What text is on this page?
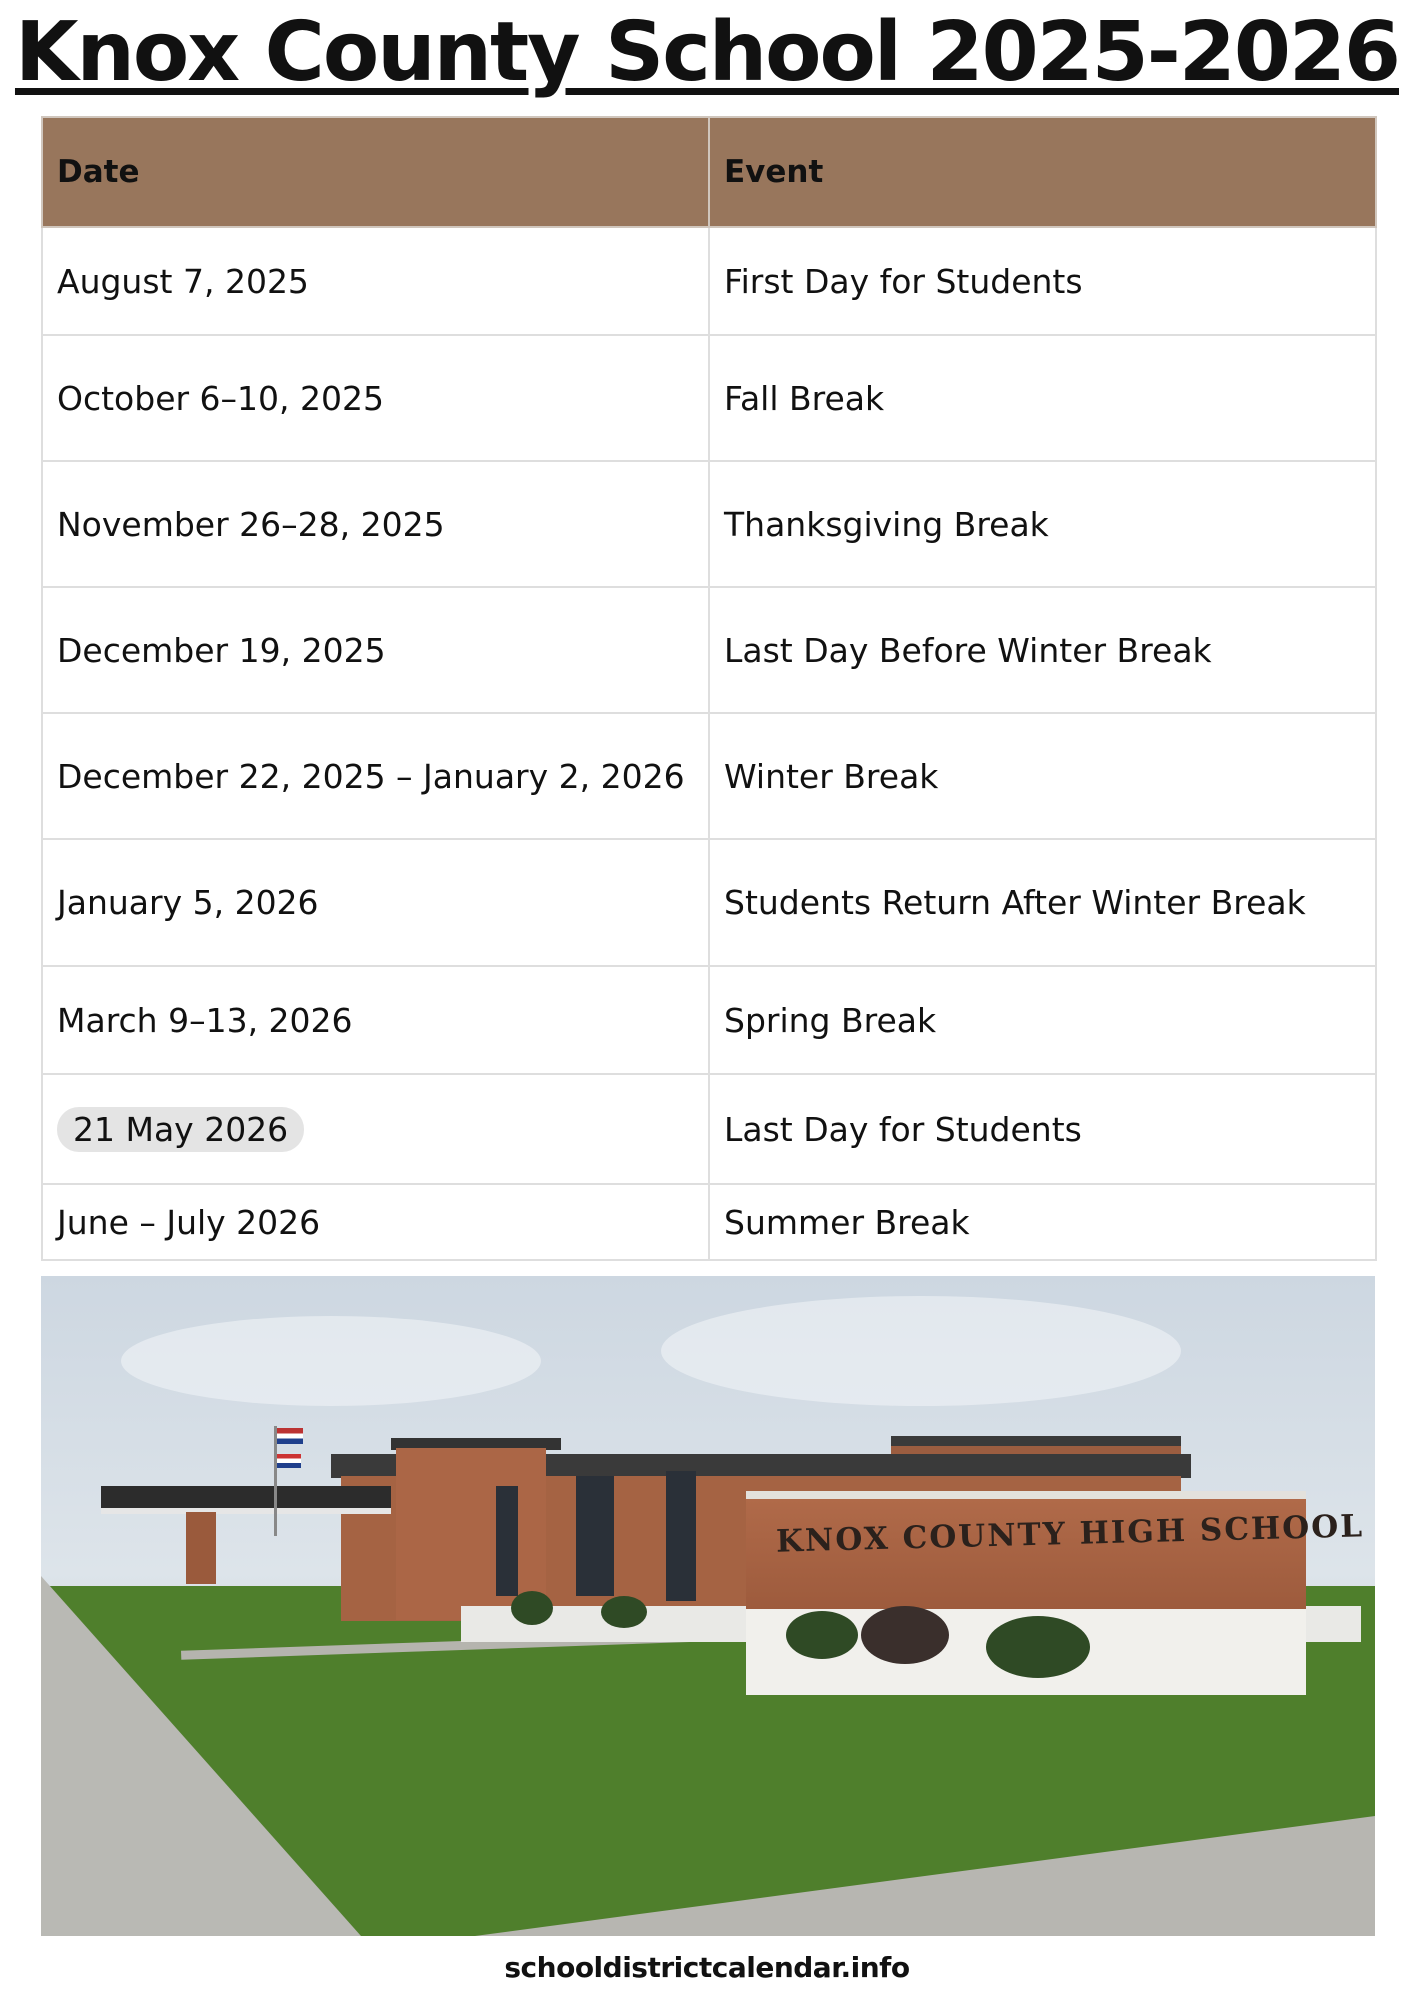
Knox County School 2025-2026
Date	Event
August 7, 2025	First Day for Students
October 6–10, 2025	Fall Break
November 26–28, 2025	Thanksgiving Break
December 19, 2025	Last Day Before Winter Break
December 22, 2025 – January 2, 2026	Winter Break
January 5, 2026	Students Return After Winter Break
March 9–13, 2026	Spring Break
21 May 2026	Last Day for Students
June – July 2026	Summer Break
KNOX COUNTY HIGH SCHOOL
schooldistrictcalendar.info
